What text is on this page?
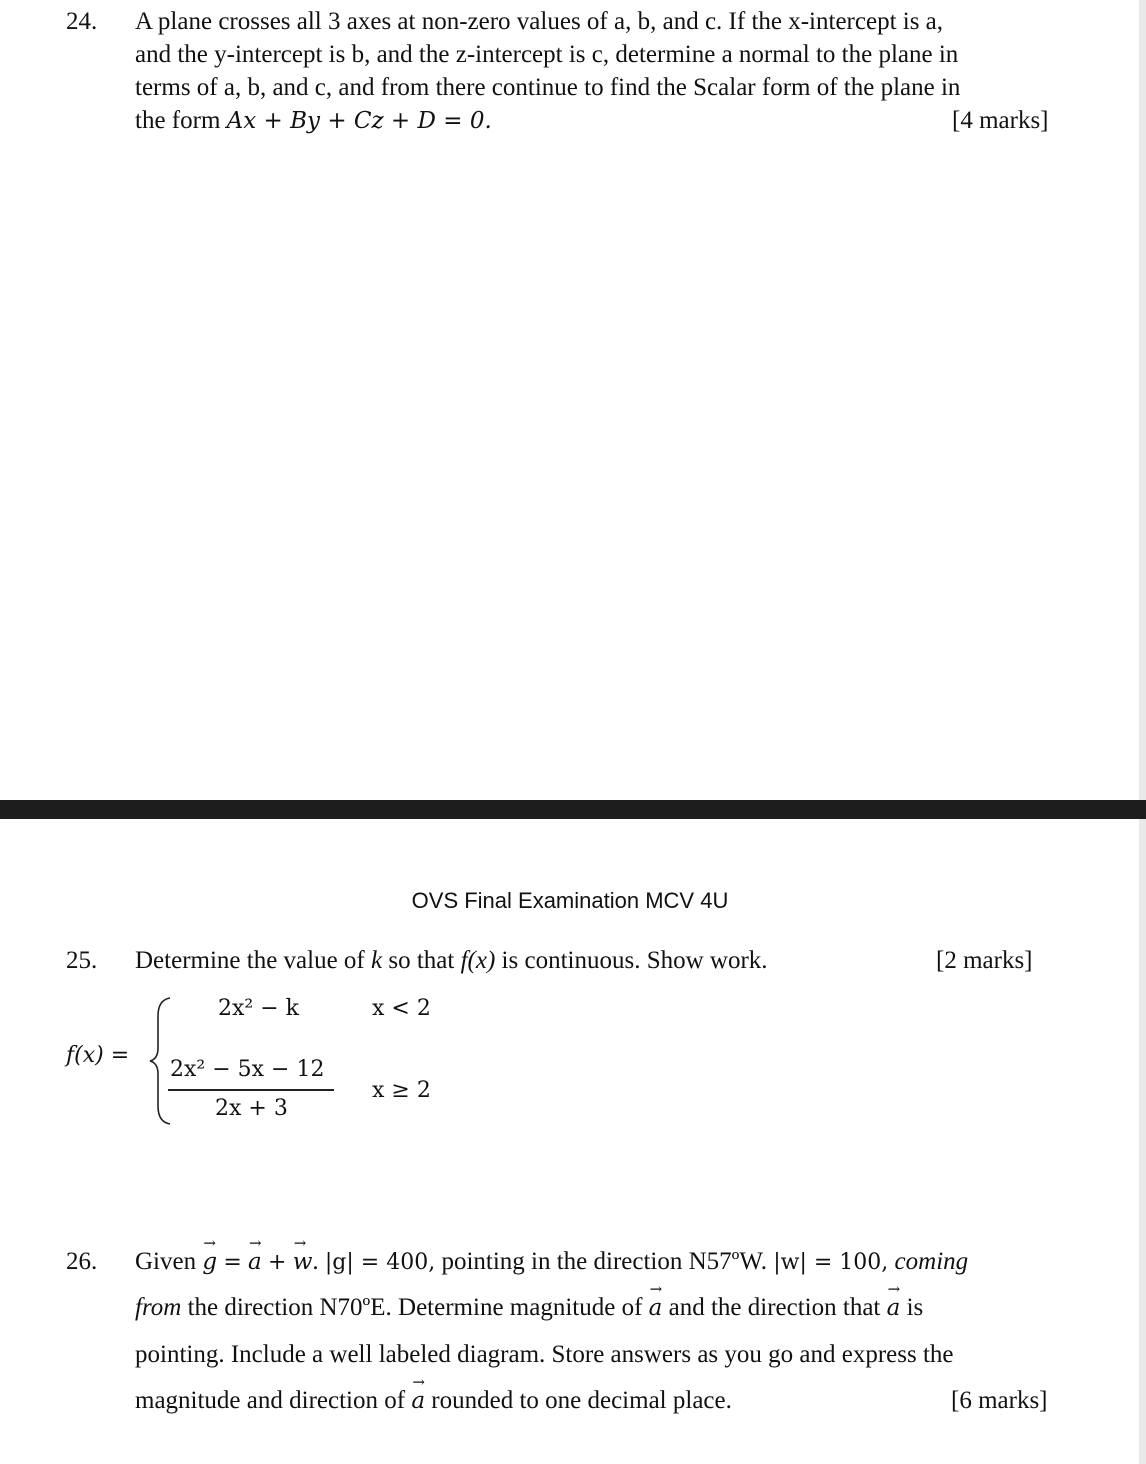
24. A plane crosses all 3 axes at non-zero values of a, b, and c. If the x-intercept is a,
and the y-intercept is b, and the z-intercept is c, determine a normal to the plane in
terms of a, b, and c, and from there continue to find the Scalar form of the plane in
the form Ax + By + Cz + D = 0.	[4 marks]
OVS Final Examination MCV 4U
25. Determine the value of k so that f(x) is continuous. Show work.	[2 marks]
f(x) =
2x² − k	x < 2
2x² − 5x − 12
2x + 3
x ≥ 2
26. Given g → = a → + w →. |g| = 400, pointing in the direction N57ºW. |w| = 100, coming
from the direction N70ºE. Determine magnitude of a → and the direction that a → is
pointing. Include a well labeled diagram. Store answers as you go and express the
magnitude and direction of a → rounded to one decimal place.	[6 marks]
